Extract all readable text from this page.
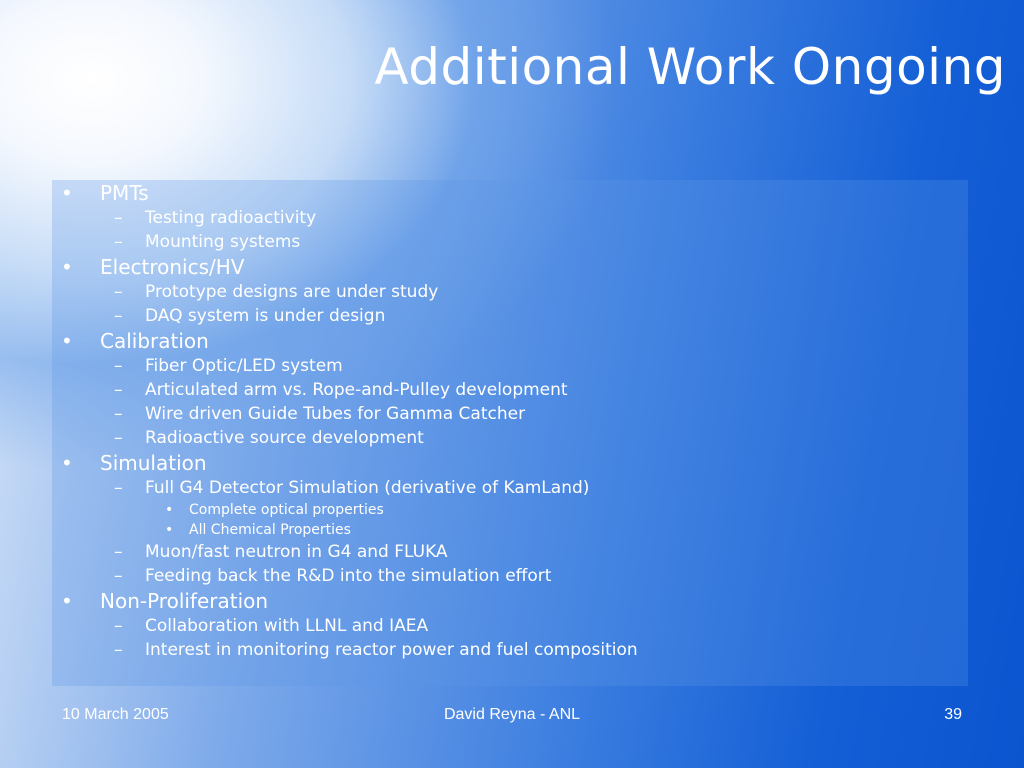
Additional Work Ongoing
• PMTs
– Testing radioactivity
– Mounting systems
• Electronics/HV
– Prototype designs are under study
– DAQ system is under design
• Calibration
– Fiber Optic/LED system
– Articulated arm vs. Rope-and-Pulley development
– Wire driven Guide Tubes for Gamma Catcher
– Radioactive source development
• Simulation
– Full G4 Detector Simulation (derivative of KamLand)
• Complete optical properties
• All Chemical Properties
– Muon/fast neutron in G4 and FLUKA
– Feeding back the R&D into the simulation effort
• Non-Proliferation
– Collaboration with LLNL and IAEA
– Interest in monitoring reactor power and fuel composition
10 March 2005	David Reyna - ANL	39
